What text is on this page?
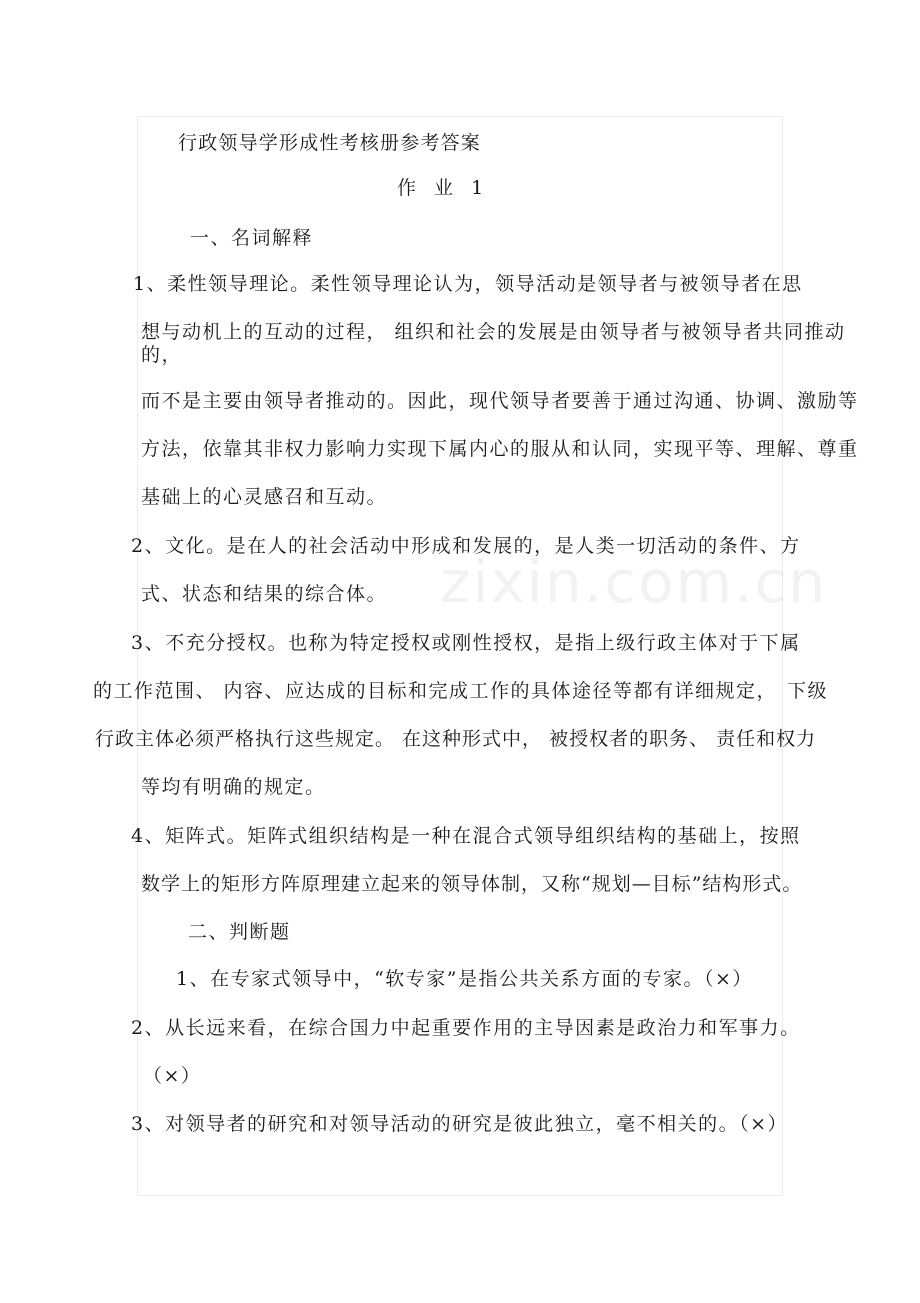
zixin.com.cn
行政领导学形成性考核册参考答案
作 业 1
一、名词解释
1、柔性领导理论。柔性领导理论认为，领导活动是领导者与被领导者在思
想与动机上的互动的过程， 组织和社会的发展是由领导者与被领导者共同推动
的，
而不是主要由领导者推动的。因此，现代领导者要善于通过沟通、协调、激励等
方法，依靠其非权力影响力实现下属内心的服从和认同，实现平等、理解、尊重
基础上的心灵感召和互动。
2、文化。是在人的社会活动中形成和发展的，是人类一切活动的条件、方
式、状态和结果的综合体。
3、不充分授权。也称为特定授权或刚性授权，是指上级行政主体对于下属
的工作范围、 内容、应达成的目标和完成工作的具体途径等都有详细规定， 下级
行政主体必须严格执行这些规定。 在这种形式中， 被授权者的职务、 责任和权力
等均有明确的规定。
4、矩阵式。矩阵式组织结构是一种在混合式领导组织结构的基础上，按照
数学上的矩形方阵原理建立起来的领导体制，又称“规划—目标”结构形式。
二、判断题
1、在专家式领导中，“软专家”是指公共关系方面的专家。（×）
2、从长远来看，在综合国力中起重要作用的主导因素是政治力和军事力。
（×）
3、对领导者的研究和对领导活动的研究是彼此独立，毫不相关的。（×）
